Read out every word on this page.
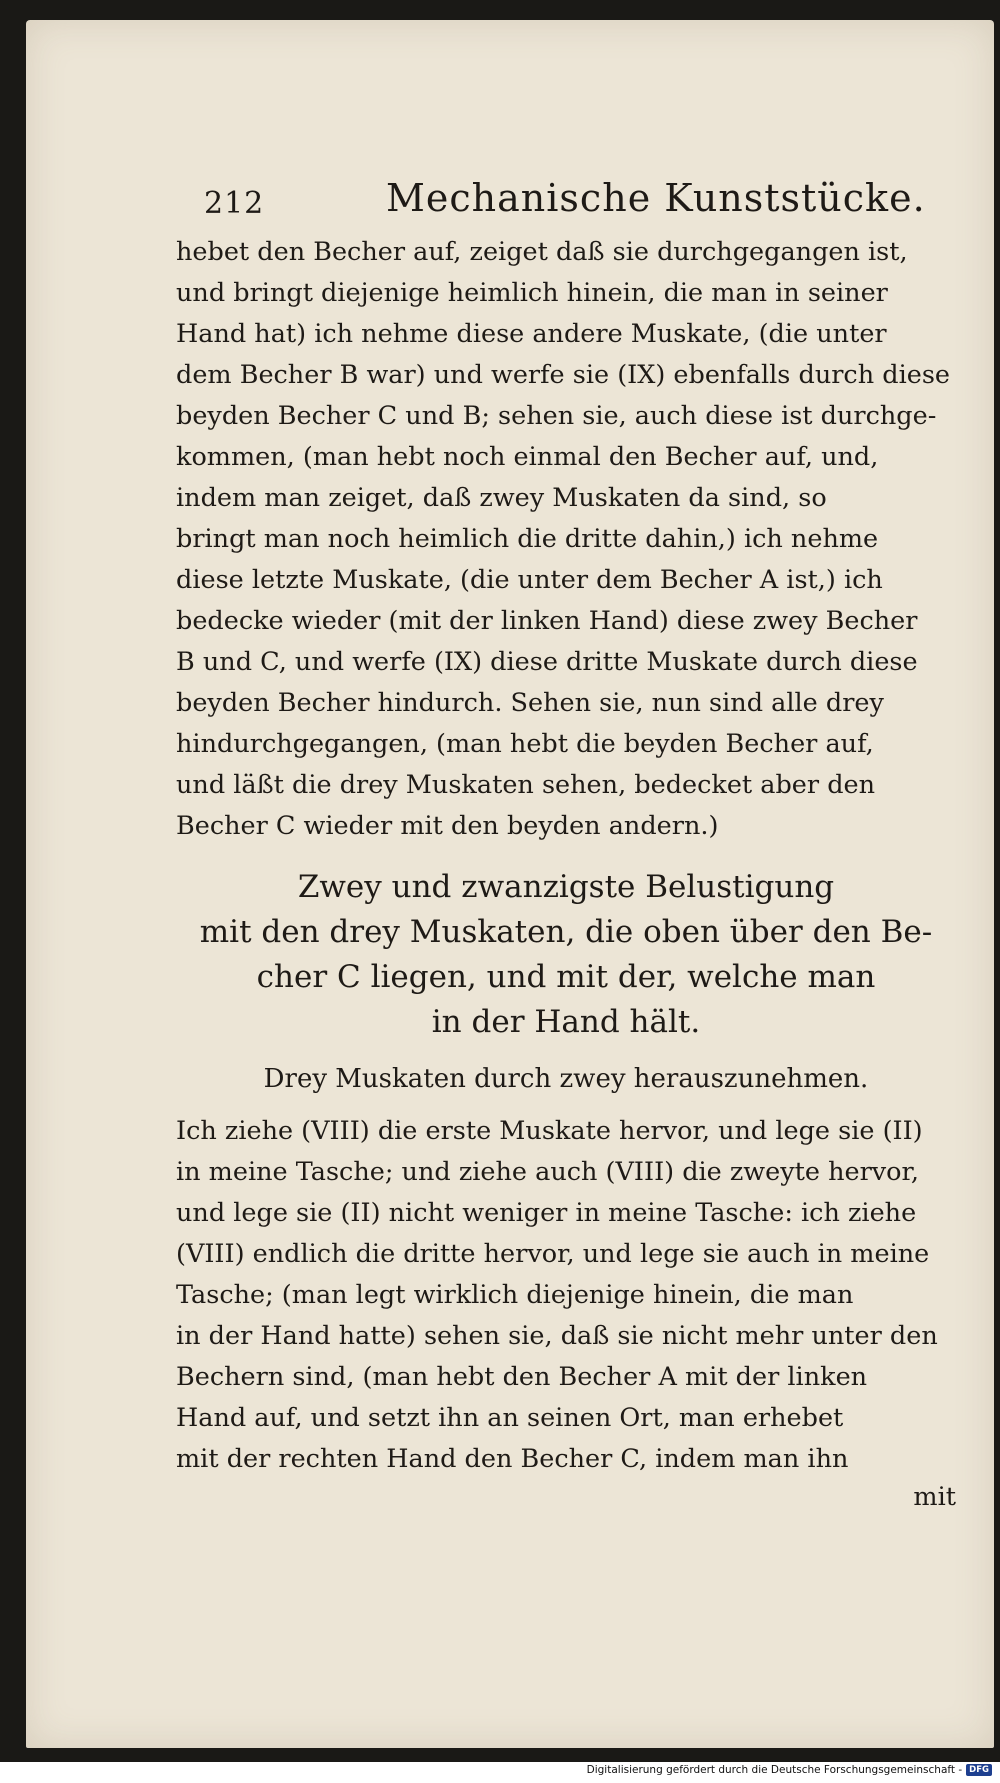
212	Mechanische Kunststücke.
hebet den Becher auf, zeiget daß sie durchgegangen ist,
und bringt diejenige heimlich hinein, die man in seiner
Hand hat) ich nehme diese andere Muskate, (die unter
dem Becher B war) und werfe sie (IX) ebenfalls durch diese
beyden Becher C und B; sehen sie, auch diese ist durchge-
kommen, (man hebt noch einmal den Becher auf, und,
indem man zeiget, daß zwey Muskaten da sind, so
bringt man noch heimlich die dritte dahin,) ich nehme
diese letzte Muskate, (die unter dem Becher A ist,) ich
bedecke wieder (mit der linken Hand) diese zwey Becher
B und C, und werfe (IX) diese dritte Muskate durch diese
beyden Becher hindurch. Sehen sie, nun sind alle drey
hindurchgegangen, (man hebt die beyden Becher auf,
und läßt die drey Muskaten sehen, bedecket aber den
Becher C wieder mit den beyden andern.)
Zwey und zwanzigste Belustigung
mit den drey Muskaten, die oben über den Be-
cher C liegen, und mit der, welche man
in der Hand hält.
Drey Muskaten durch zwey herauszunehmen.
Ich ziehe (VIII) die erste Muskate hervor, und lege sie (II)
in meine Tasche; und ziehe auch (VIII) die zweyte hervor,
und lege sie (II) nicht weniger in meine Tasche: ich ziehe
(VIII) endlich die dritte hervor, und lege sie auch in meine
Tasche; (man legt wirklich diejenige hinein, die man
in der Hand hatte) sehen sie, daß sie nicht mehr unter den
Bechern sind, (man hebt den Becher A mit der linken
Hand auf, und setzt ihn an seinen Ort, man erhebet
mit der rechten Hand den Becher C, indem man ihn
mit
Digitalisierung gefördert durch die Deutsche Forschungsgemeinschaft - DFG
